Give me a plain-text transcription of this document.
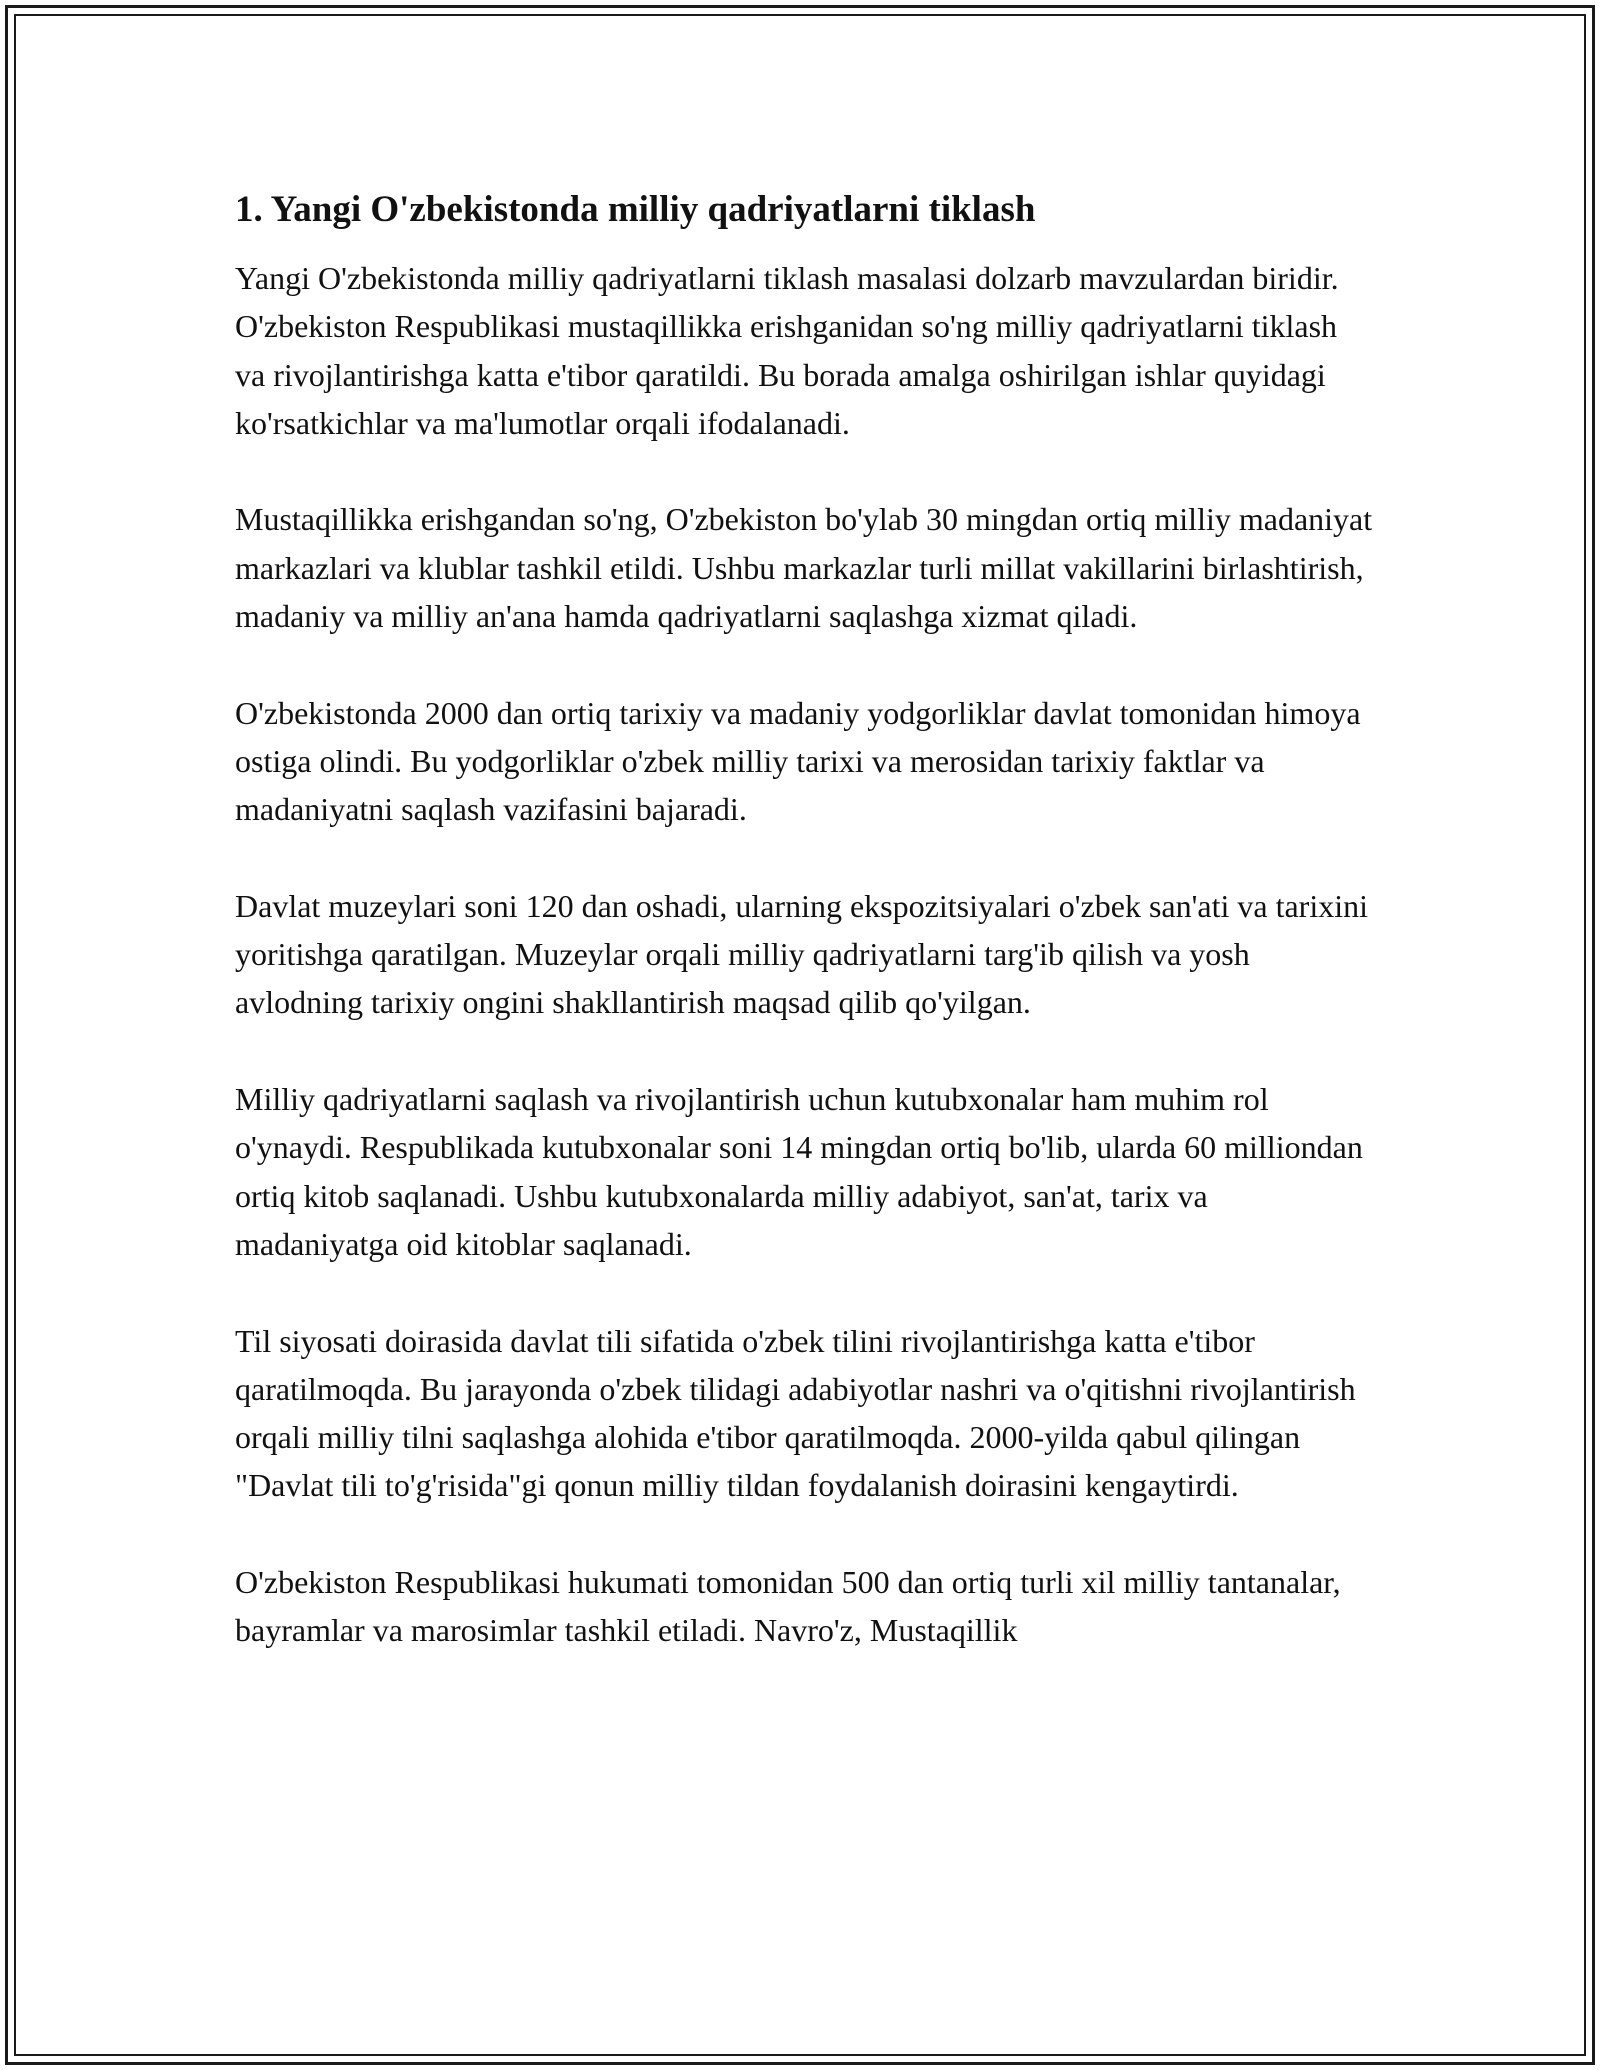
1. Yangi O'zbekistonda milliy qadriyatlarni tiklash

Yangi O'zbekistonda milliy qadriyatlarni tiklash masalasi dolzarb mavzulardan biridir. O'zbekiston Respublikasi mustaqillikka erishganidan so'ng milliy qadriyatlarni tiklash va rivojlantirishga katta e'tibor qaratildi. Bu borada amalga oshirilgan ishlar quyidagi ko'rsatkichlar va ma'lumotlar orqali ifodalanadi.

Mustaqillikka erishgandan so'ng, O'zbekiston bo'ylab 30 mingdan ortiq milliy madaniyat markazlari va klublar tashkil etildi. Ushbu markazlar turli millat vakillarini birlashtirish, madaniy va milliy an'ana hamda qadriyatlarni saqlashga xizmat qiladi.

O'zbekistonda 2000 dan ortiq tarixiy va madaniy yodgorliklar davlat tomonidan himoya ostiga olindi. Bu yodgorliklar o'zbek milliy tarixi va merosidan tarixiy faktlar va madaniyatni saqlash vazifasini bajaradi.

Davlat muzeylari soni 120 dan oshadi, ularning ekspozitsiyalari o'zbek san'ati va tarixini yoritishga qaratilgan. Muzeylar orqali milliy qadriyatlarni targ'ib qilish va yosh avlodning tarixiy ongini shakllantirish maqsad qilib qo'yilgan.

Milliy qadriyatlarni saqlash va rivojlantirish uchun kutubxonalar ham muhim rol o'ynaydi. Respublikada kutubxonalar soni 14 mingdan ortiq bo'lib, ularda 60 milliondan ortiq kitob saqlanadi. Ushbu kutubxonalarda milliy adabiyot, san'at, tarix va madaniyatga oid kitoblar saqlanadi.

Til siyosati doirasida davlat tili sifatida o'zbek tilini rivojlantirishga katta e'tibor qaratilmoqda. Bu jarayonda o'zbek tilidagi adabiyotlar nashri va o'qitishni rivojlantirish orqali milliy tilni saqlashga alohida e'tibor qaratilmoqda. 2000-yilda qabul qilingan "Davlat tili to'g'risida"gi qonun milliy tildan foydalanish doirasini kengaytirdi.

O'zbekiston Respublikasi hukumati tomonidan 500 dan ortiq turli xil milliy tantanalar, bayramlar va marosimlar tashkil etiladi. Navro'z, Mustaqillik
